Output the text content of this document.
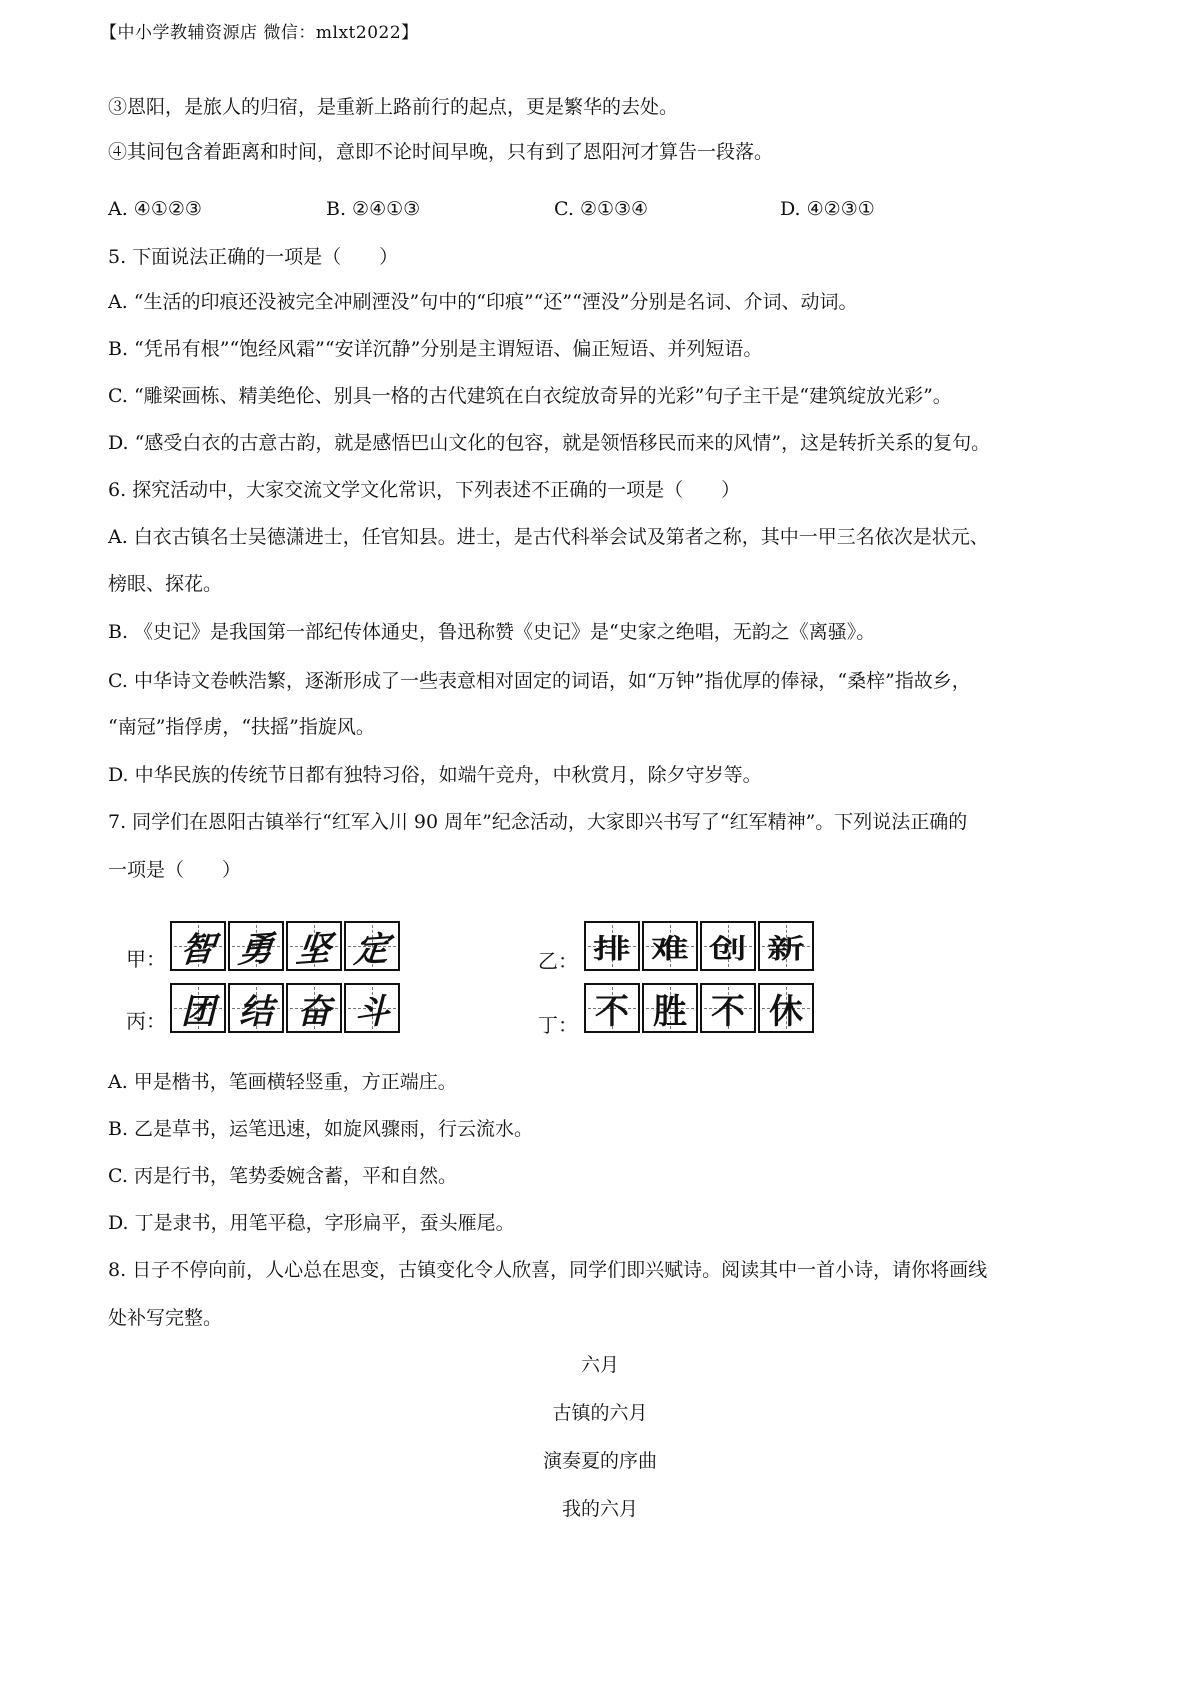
【中小学教辅资源店 微信：mlxt2022】
③恩阳，是旅人的归宿，是重新上路前行的起点，更是繁华的去处。
④其间包含着距离和时间，意即不论时间早晚，只有到了恩阳河才算告一段落。
A. ④①②③	B. ②④①③	C. ②①③④	D. ④②③①
5. 下面说法正确的一项是（　　）
A. “生活的印痕还没被完全冲刷湮没”句中的“印痕”“还”“湮没”分别是名词、介词、动词。
B. “凭吊有根”“饱经风霜”“安详沉静”分别是主谓短语、偏正短语、并列短语。
C. “雕梁画栋、精美绝伦、别具一格的古代建筑在白衣绽放奇异的光彩”句子主干是“建筑绽放光彩”。
D. “感受白衣的古意古韵，就是感悟巴山文化的包容，就是领悟移民而来的风情”，这是转折关系的复句。
6. 探究活动中，大家交流文学文化常识，下列表述不正确的一项是（　　）
A. 白衣古镇名士吴德潇进士，任官知县。进士，是古代科举会试及第者之称，其中一甲三名依次是状元、
榜眼、探花。
B. 《史记》是我国第一部纪传体通史，鲁迅称赞《史记》是“史家之绝唱，无韵之《离骚》。
C. 中华诗文卷帙浩繁，逐渐形成了一些表意相对固定的词语，如“万钟”指优厚的俸禄，“桑梓”指故乡，
“南冠”指俘虏，“扶摇”指旋风。
D. 中华民族的传统节日都有独特习俗，如端午竞舟，中秋赏月，除夕守岁等。
7. 同学们在恩阳古镇举行“红军入川 90 周年”纪念活动，大家即兴书写了“红军精神”。下列说法正确的
一项是（　　）
甲： 智 勇 坚 定	乙： 排 难 创 新
丙： 团 结 奋 斗	丁： 不 胜 不 休
A. 甲是楷书，笔画横轻竖重，方正端庄。
B. 乙是草书，运笔迅速，如旋风骤雨，行云流水。
C. 丙是行书，笔势委婉含蓄，平和自然。
D. 丁是隶书，用笔平稳，字形扁平，蚕头雁尾。
8. 日子不停向前，人心总在思变，古镇变化令人欣喜，同学们即兴赋诗。阅读其中一首小诗，请你将画线
处补写完整。
六月
古镇的六月
演奏夏的序曲
我的六月
